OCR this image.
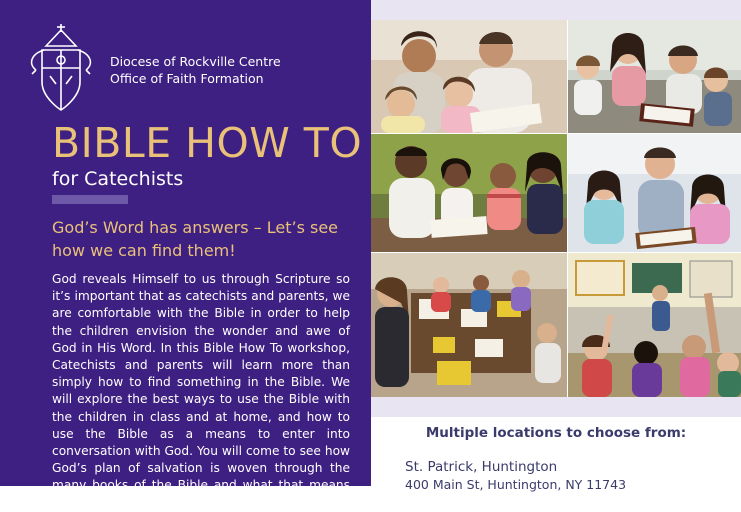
Diocese of Rockville Centre
Office of Faith Formation
BIBLE HOW TO
for Catechists
God’s Word has answers – Let’s see how we can find them!
God reveals Himself to us through Scripture so it’s important that as catechists and parents, we are comfortable with the Bible in order to help the children envision the wonder and awe of God in His Word. In this Bible How To workshop, Catechists and parents will learn more than simply how to find something in the Bible. We will explore the best ways to use the Bible with the children in class and at home, and how to use the Bible as a means to enter into conversation with God. You will come to see how God’s plan of salvation is woven through the many books of the Bible and what that means for your life and the lives of our children.
Multiple locations to choose from:
St. Patrick, Huntington
400 Main St, Huntington, NY 11743
